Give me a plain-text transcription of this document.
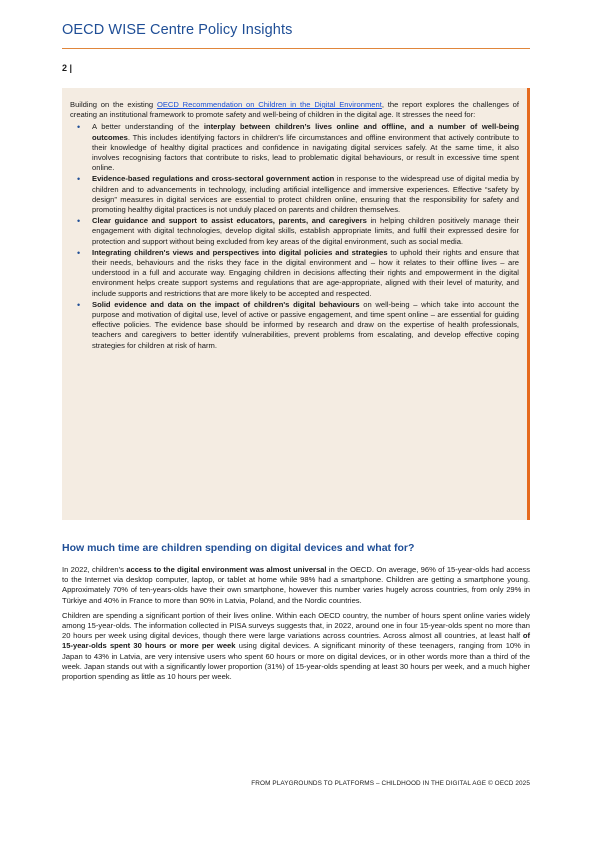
OECD WISE Centre Policy Insights
2 |

Building on the existing OECD Recommendation on Children in the Digital Environment, the report explores the challenges of creating an institutional framework to promote safety and well-being of children in the digital age. It stresses the need for:

• A better understanding of the interplay between children’s lives online and offline, and a number of well-being outcomes. This includes identifying factors in children’s life circumstances and offline environment that actively contribute to their knowledge of healthy digital practices and confidence in navigating digital services safely. At the same time, it also involves recognising factors that contribute to risks, lead to problematic digital behaviours, or result in excessive time spent online.
• Evidence-based regulations and cross-sectoral government action in response to the widespread use of digital media by children and to advancements in technology, including artificial intelligence and immersive experiences. Effective “safety by design” measures in digital services are essential to protect children online, ensuring that the responsibility for safety and promoting healthy digital practices is not unduly placed on parents and children themselves.
• Clear guidance and support to assist educators, parents, and caregivers in helping children positively manage their engagement with digital technologies, develop digital skills, establish appropriate limits, and fulfil their expressed desire for protection and support without being excluded from key areas of the digital environment, such as social media.
• Integrating children's views and perspectives into digital policies and strategies to uphold their rights and ensure that their needs, behaviours and the risks they face in the digital environment and – how it relates to their offline lives – are understood in a full and accurate way. Engaging children in decisions affecting their rights and empowerment in the digital environment helps create support systems and regulations that are age-appropriate, aligned with their level of maturity, and include supports and restrictions that are more likely to be accepted and respected.
• Solid evidence and data on the impact of children's digital behaviours on well-being – which take into account the purpose and motivation of digital use, level of active or passive engagement, and time spent online – are essential for guiding effective policies. The evidence base should be informed by research and draw on the expertise of health professionals, teachers and caregivers to better identify vulnerabilities, prevent problems from escalating, and develop effective coping strategies for children at risk of harm.
How much time are children spending on digital devices and what for?

In 2022, children’s access to the digital environment was almost universal in the OECD. On average, 96% of 15-year-olds had access to the Internet via desktop computer, laptop, or tablet at home while 98% had a smartphone. Children are getting a smartphone young. Approximately 70% of ten-years-olds have their own smartphone, however this number varies hugely across countries, from only 29% in Türkiye and 40% in France to more than 90% in Latvia, Poland, and the Nordic countries.

Children are spending a significant portion of their lives online. Within each OECD country, the number of hours spent online varies widely among 15-year-olds. The information collected in PISA surveys suggests that, in 2022, around one in four 15-year-olds spent no more than 20 hours per week using digital devices, though there were large variations across countries. Across almost all countries, at least half of 15-year-olds spent 30 hours or more per week using digital devices. A significant minority of these teenagers, ranging from 10% in Japan to 43% in Latvia, are very intensive users who spent 60 hours or more on digital devices, or in other words more than a third of the week. Japan stands out with a significantly lower proportion (31%) of 15-year-olds spending at least 30 hours per week, and a much higher proportion spending as little as 10 hours per week.

FROM PLAYGROUNDS TO PLATFORMS – CHILDHOOD IN THE DIGITAL AGE © OECD 2025
